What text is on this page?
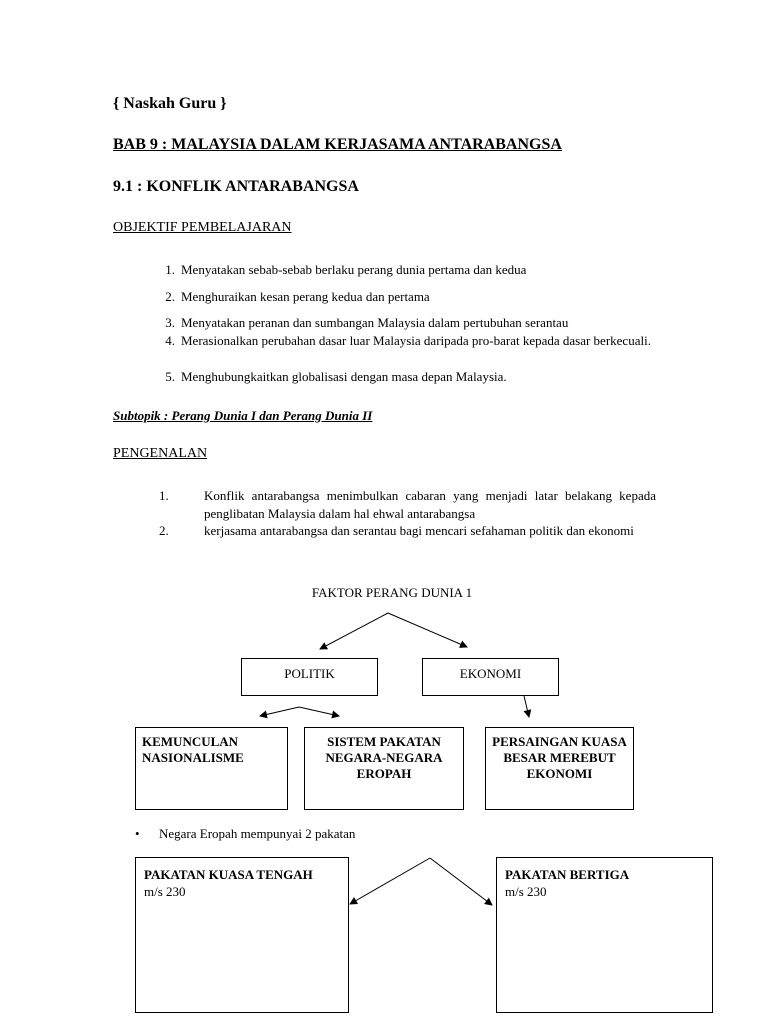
{ Naskah Guru }
BAB 9 : MALAYSIA DALAM KERJASAMA ANTARABANGSA
9.1 : KONFLIK ANTARABANGSA
OBJEKTIF PEMBELAJARAN
1. Menyatakan sebab-sebab berlaku perang dunia pertama dan kedua
2. Menghuraikan kesan perang kedua dan pertama
3. Menyatakan peranan dan sumbangan Malaysia dalam pertubuhan serantau
4. Merasionalkan perubahan dasar luar Malaysia daripada pro-barat kepada dasar berkecuali.
5. Menghubungkaitkan globalisasi dengan masa depan Malaysia.
Subtopik : Perang Dunia I dan Perang Dunia II
PENGENALAN
1.	Konflik antarabangsa menimbulkan cabaran yang menjadi latar belakang kepada penglibatan Malaysia dalam hal ehwal antarabangsa
2.	kerjasama antarabangsa dan serantau bagi mencari sefahaman politik dan ekonomi
FAKTOR PERANG DUNIA 1
POLITIK	EKONOMI
KEMUNCULAN NASIONALISME
SISTEM PAKATAN NEGARA-NEGARA EROPAH
PERSAINGAN KUASA BESAR MEREBUT EKONOMI
• Negara Eropah mempunyai 2 pakatan
PAKATAN KUASA TENGAH
m/s 230
PAKATAN BERTIGA
m/s 230
